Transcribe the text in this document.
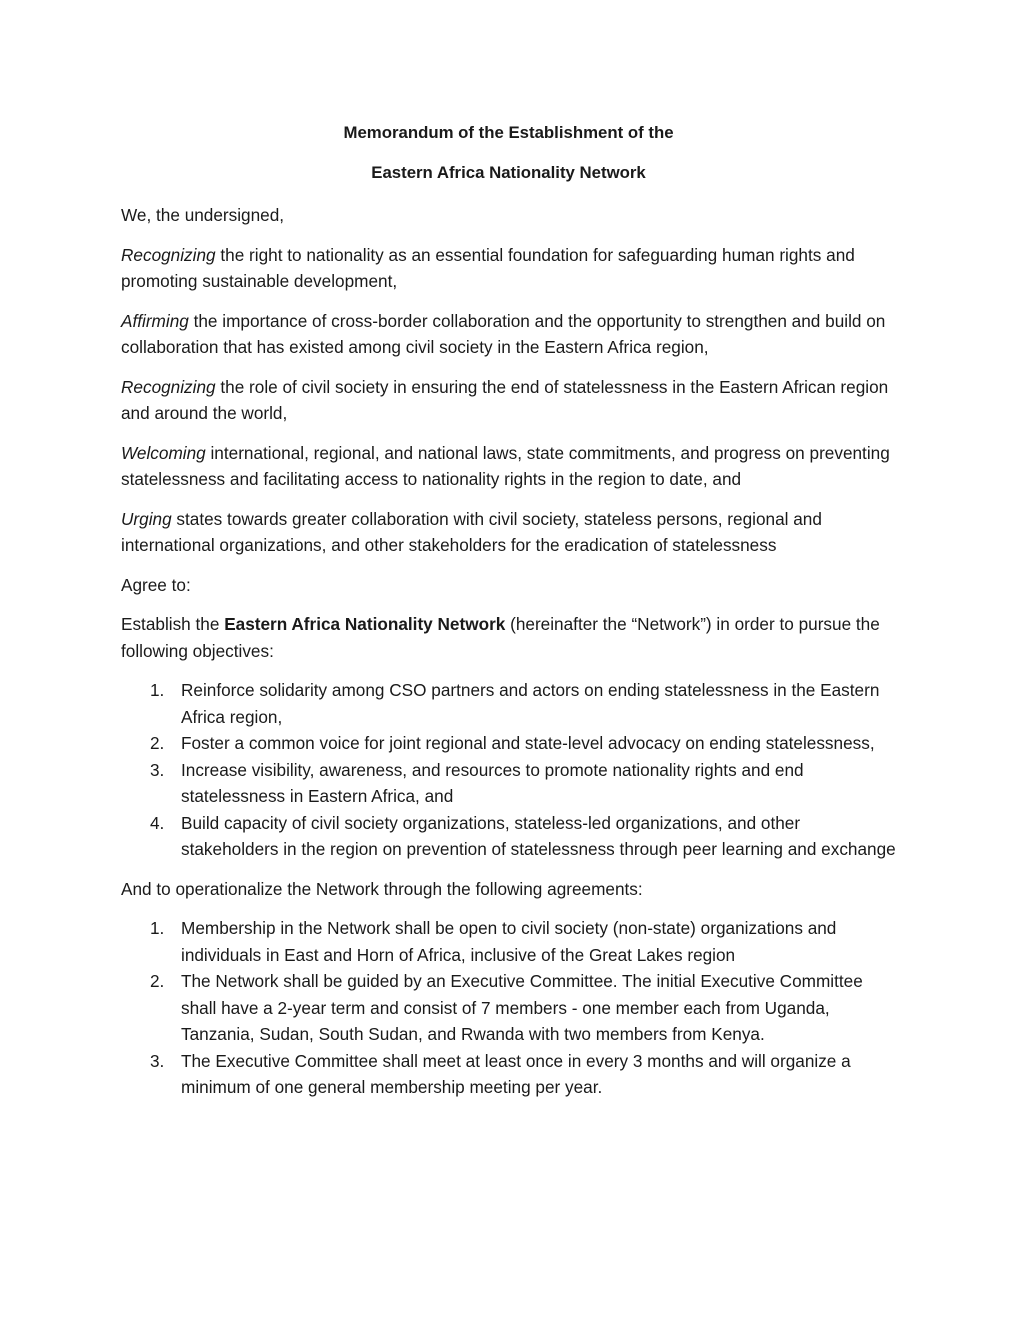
Memorandum of the Establishment of the

Eastern Africa Nationality Network

We, the undersigned,

Recognizing the right to nationality as an essential foundation for safeguarding human rights and promoting sustainable development,

Affirming the importance of cross-border collaboration and the opportunity to strengthen and build on collaboration that has existed among civil society in the Eastern Africa region,

Recognizing the role of civil society in ensuring the end of statelessness in the Eastern African region and around the world,

Welcoming international, regional, and national laws, state commitments, and progress on preventing statelessness and facilitating access to nationality rights in the region to date, and

Urging states towards greater collaboration with civil society, stateless persons, regional and international organizations, and other stakeholders for the eradication of statelessness

Agree to:

Establish the Eastern Africa Nationality Network (hereinafter the “Network”) in order to pursue the following objectives:

1. Reinforce solidarity among CSO partners and actors on ending statelessness in the Eastern Africa region,
2. Foster a common voice for joint regional and state-level advocacy on ending statelessness,
3. Increase visibility, awareness, and resources to promote nationality rights and end statelessness in Eastern Africa, and
4. Build capacity of civil society organizations, stateless-led organizations, and other stakeholders in the region on prevention of statelessness through peer learning and exchange

And to operationalize the Network through the following agreements:

1. Membership in the Network shall be open to civil society (non-state) organizations and individuals in East and Horn of Africa, inclusive of the Great Lakes region
2. The Network shall be guided by an Executive Committee. The initial Executive Committee shall have a 2-year term and consist of 7 members - one member each from Uganda, Tanzania, Sudan, South Sudan, and Rwanda with two members from Kenya.
3. The Executive Committee shall meet at least once in every 3 months and will organize a minimum of one general membership meeting per year.
